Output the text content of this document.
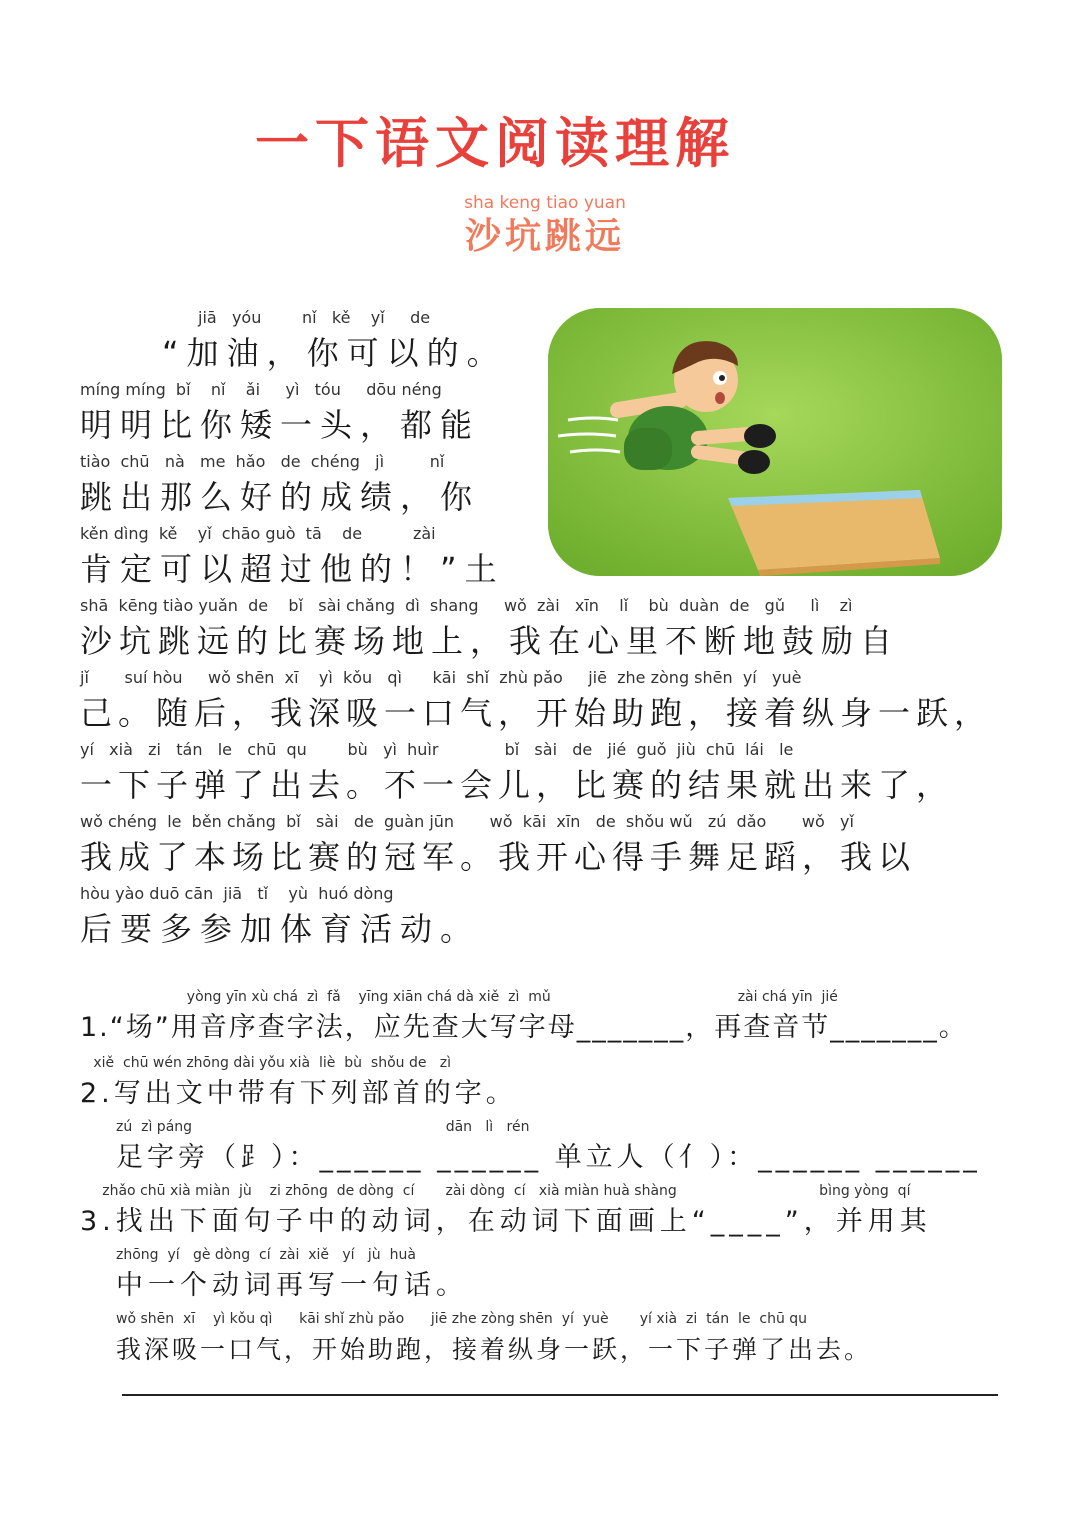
一下语文阅读理解
sha keng tiao yuan
沙坑跳远
jiā   yóu        nǐ   kě    yǐ     de
“加油，你可以的。
míng míng  bǐ    nǐ    ǎi     yì   tóu     dōu néng
明明比你矮一头，都能
tiào  chū   nà   me  hǎo   de  chéng   jì         nǐ
跳出那么好的成绩，你
kěn dìng  kě    yǐ  chāo guò  tā    de          zài
肯定可以超过他的！”土
shā  kēng tiào yuǎn  de    bǐ   sài chǎng  dì  shang     wǒ  zài   xīn    lǐ    bù  duàn  de   gǔ     lì    zì
沙坑跳远的比赛场地上，我在心里不断地鼓励自
jǐ       suí hòu     wǒ shēn  xī    yì  kǒu   qì      kāi  shǐ  zhù pǎo     jiē  zhe zòng shēn  yí   yuè
己。随后，我深吸一口气，开始助跑，接着纵身一跃，
yí   xià   zi   tán   le   chū  qu        bù   yì  huìr             bǐ   sài   de   jié  guǒ  jiù  chū  lái   le
一下子弹了出去。不一会儿，比赛的结果就出来了，
wǒ chéng  le  běn chǎng  bǐ   sài   de  guàn jūn       wǒ  kāi  xīn   de  shǒu wǔ   zú  dǎo       wǒ   yǐ
我成了本场比赛的冠军。我开心得手舞足蹈，我以
hòu yào duō cān  jiā   tǐ    yù  huó dòng
后要多参加体育活动。
yòng yīn xù chá  zì  fǎ    yīng xiān chá dà xiě  zì  mǔ                                          zài chá yīn  jié
1.“场”用音序查字法，应先查大写字母_______，再查音节_______。
xiě  chū wén zhōng dài yǒu xià  liè  bù  shǒu de   zì
2.写出文中带有下列部首的字。
zú  zì páng                                                         dān   lì   rén
足字旁（⻊）：______ ______ 单立人（亻）：______ ______
zhǎo chū xià miàn  jù    zi zhōng  de dòng  cí       zài dòng  cí   xià miàn huà shàng                                bìng yòng  qí
3.找出下面句子中的动词，在动词下面画上“____”，并用其
zhōng  yí   gè dòng  cí  zài  xiě   yí   jù  huà
中一个动词再写一句话。
wǒ shēn  xī    yì kǒu qì      kāi shǐ zhù pǎo      jiē zhe zòng shēn  yí  yuè       yí xià  zi  tán  le  chū qu
我深吸一口气，开始助跑，接着纵身一跃，一下子弹了出去。
